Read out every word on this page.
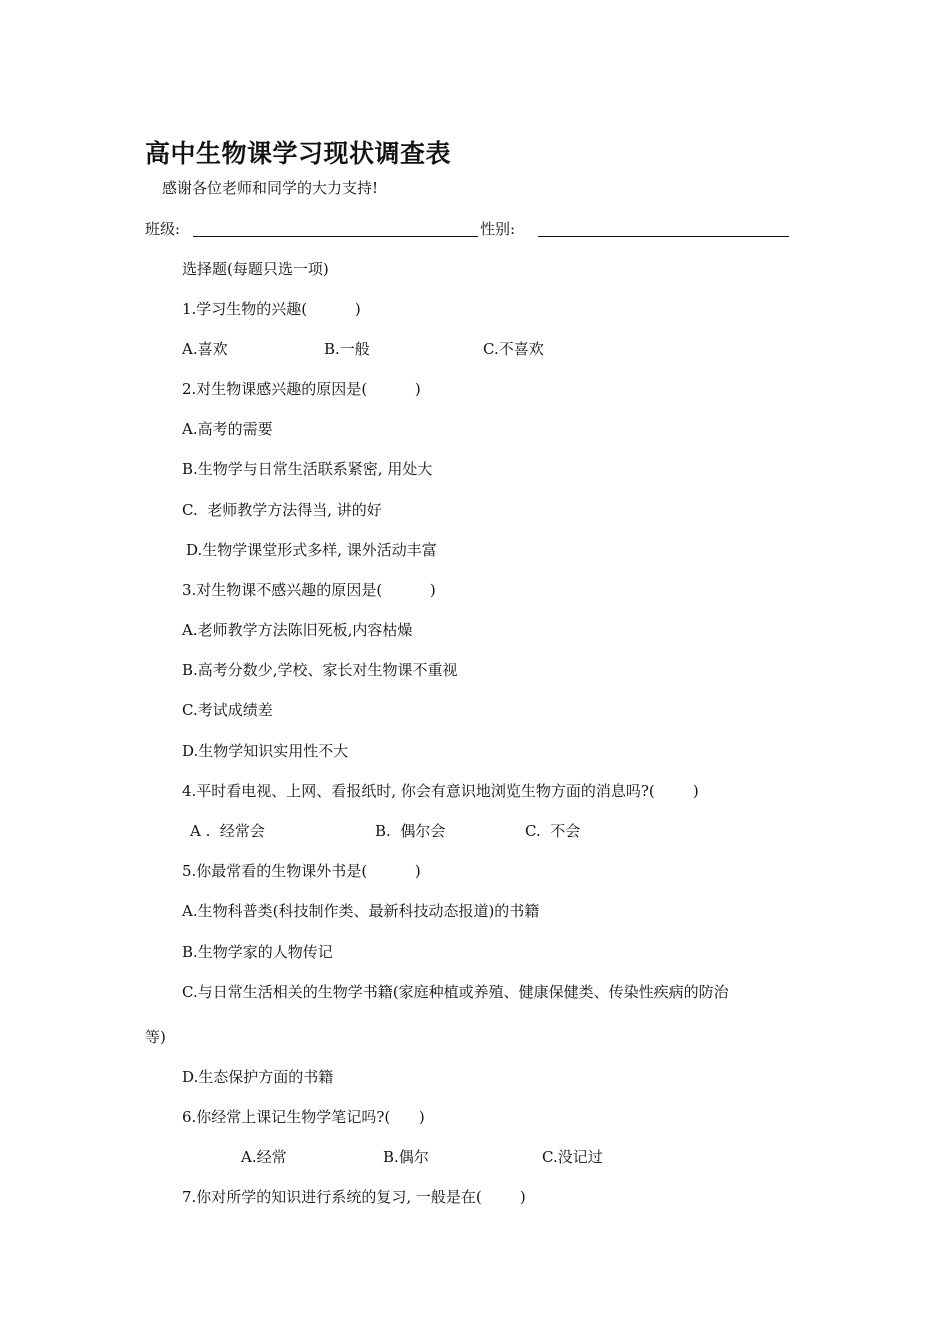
高中生物课学习现状调查表
感谢各位老师和同学的大力支持!
班级:	性别:
选择题(每题只选一项)
1.学习生物的兴趣(          )
A.喜欢	B.一般	C.不喜欢
2.对生物课感兴趣的原因是(          )
A.高考的需要
B.生物学与日常生活联系紧密, 用处大
C.  老师教学方法得当, 讲的好
D.生物学课堂形式多样, 课外活动丰富
3.对生物课不感兴趣的原因是(          )
A.老师教学方法陈旧死板,内容枯燥
B.高考分数少,学校、家长对生物课不重视
C.考试成绩差
D.生物学知识实用性不大
4.平时看电视、上网、看报纸时, 你会有意识地浏览生物方面的消息吗?(        )
A .  经常会	B.  偶尔会	C.  不会
5.你最常看的生物课外书是(          )
A.生物科普类(科技制作类、最新科技动态报道)的书籍
B.生物学家的人物传记
C.与日常生活相关的生物学书籍(家庭种植或养殖、健康保健类、传染性疾病的防治
等)
D.生态保护方面的书籍
6.你经常上课记生物学笔记吗?(      )
A.经常	B.偶尔	C.没记过
7.你对所学的知识进行系统的复习, 一般是在(        )
